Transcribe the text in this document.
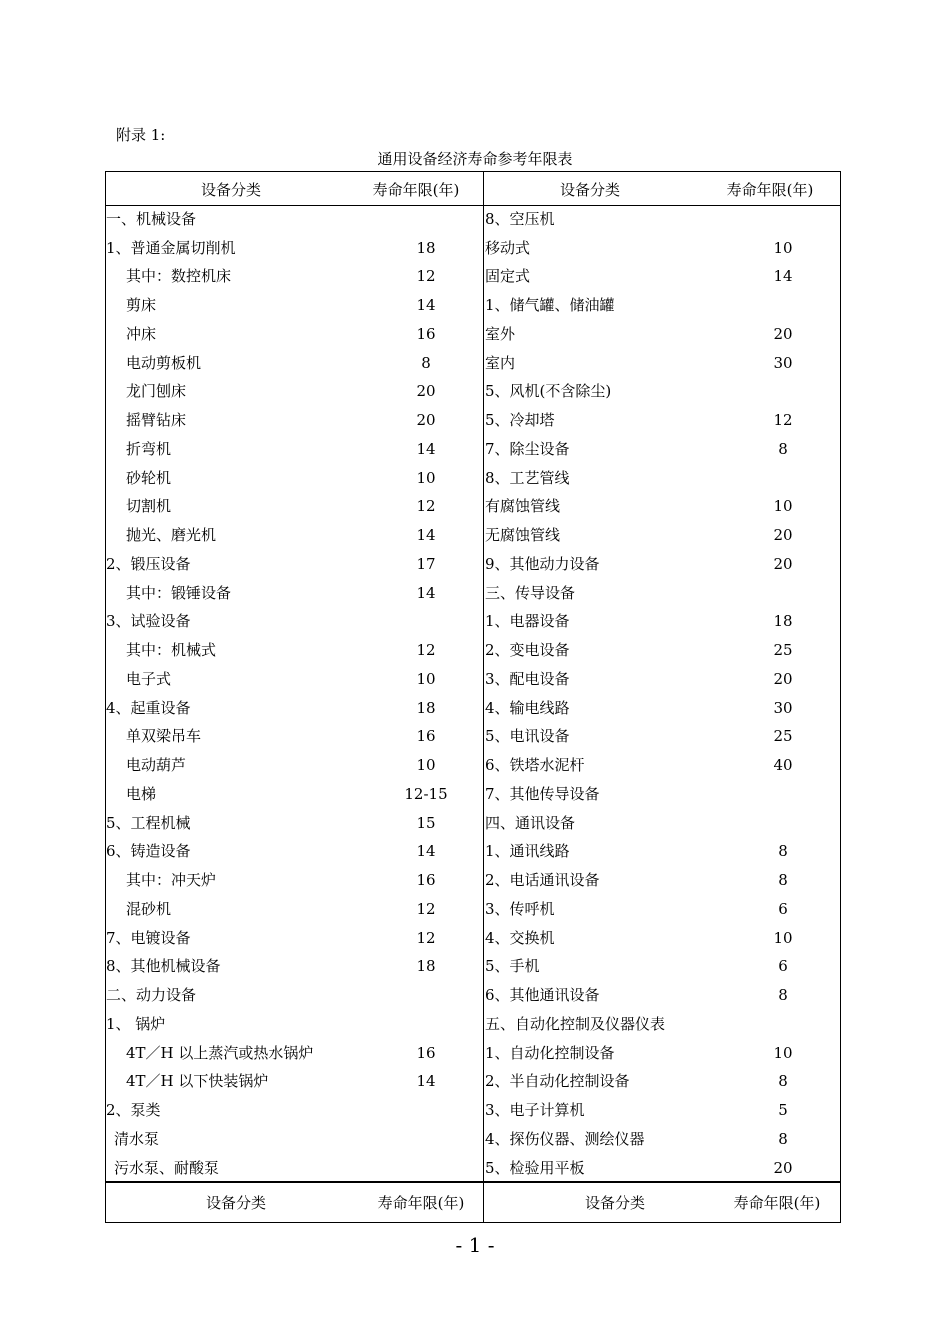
附录 1:
通用设备经济寿命参考年限表
设备分类	寿命年限(年)
一、机械设备
1、普通金属切削机	18
其中：数控机床	12
剪床	14
冲床	16
电动剪板机	8
龙门刨床	20
摇臂钻床	20
折弯机	14
砂轮机	10
切割机	12
抛光、磨光机	14
2、锻压设备	17
其中：锻锤设备	14
3、试验设备
其中：机械式	12
电子式	10
4、起重设备	18
单双梁吊车	16
电动葫芦	10
电梯	12-15
5、工程机械	15
6、铸造设备	14
其中：冲天炉	16
混砂机	12
7、电镀设备	12
8、其他机械设备	18
二、动力设备
1、 锅炉
4T／H 以上蒸汽或热水锅炉	16
4T／H 以下快装锅炉	14
2、泵类
清水泵
污水泵、耐酸泵
设备分类	寿命年限(年)
8、空压机
移动式	10
固定式	14
1、储气罐、储油罐
室外	20
室内	30
5、风机(不含除尘)
5、冷却塔	12
7、除尘设备	8
8、工艺管线
有腐蚀管线	10
无腐蚀管线	20
9、其他动力设备	20
三、传导设备
1、电器设备	18
2、变电设备	25
3、配电设备	20
4、输电线路	30
5、电讯设备	25
6、铁塔水泥杆	40
7、其他传导设备
四、通讯设备
1、通讯线路	8
2、电话通讯设备	8
3、传呼机	6
4、交换机	10
5、手机	6
6、其他通讯设备	8
五、自动化控制及仪器仪表
1、自动化控制设备	10
2、半自动化控制设备	8
3、电子计算机	5
4、探伤仪器、测绘仪器	8
5、检验用平板	20
设备分类	寿命年限(年)	设备分类	寿命年限(年)
- 1 -
